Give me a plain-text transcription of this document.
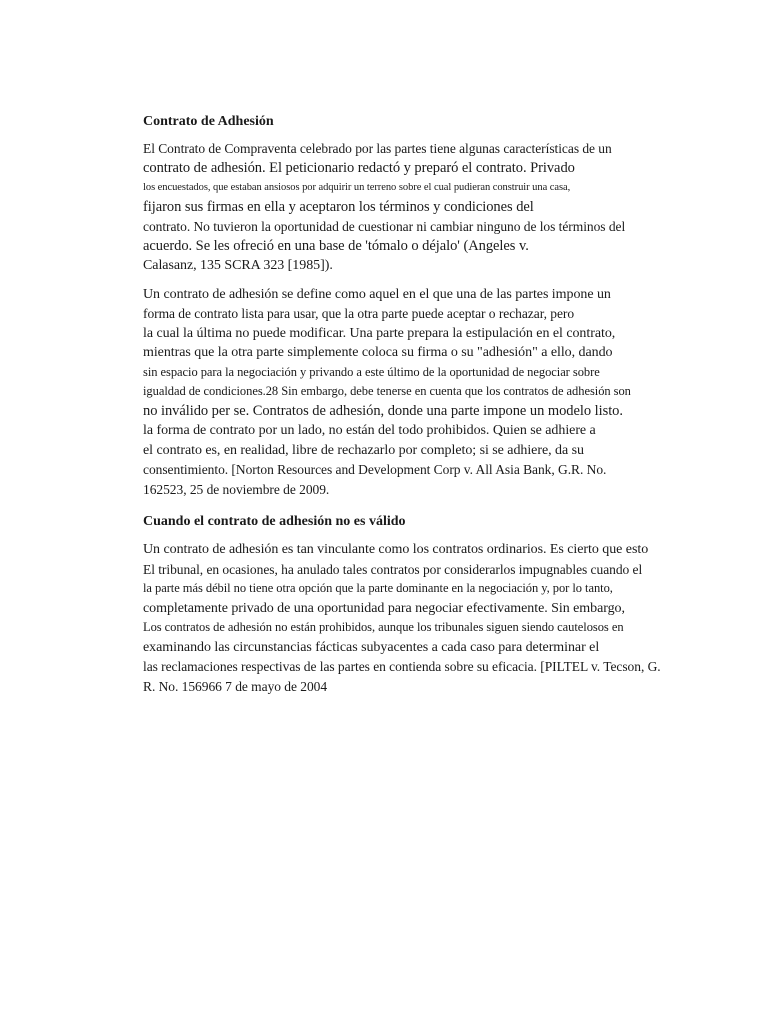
Contrato de Adhesión
El Contrato de Compraventa celebrado por las partes tiene algunas características de un
contrato de adhesión. El peticionario redactó y preparó el contrato. Privado
los encuestados, que estaban ansiosos por adquirir un terreno sobre el cual pudieran construir una casa,
fijaron sus firmas en ella y aceptaron los términos y condiciones del
contrato. No tuvieron la oportunidad de cuestionar ni cambiar ninguno de los términos del
acuerdo. Se les ofreció en una base de 'tómalo o déjalo' (Angeles v.
Calasanz, 135 SCRA 323 [1985]).
Un contrato de adhesión se define como aquel en el que una de las partes impone un
forma de contrato lista para usar, que la otra parte puede aceptar o rechazar, pero
la cual la última no puede modificar. Una parte prepara la estipulación en el contrato,
mientras que la otra parte simplemente coloca su firma o su "adhesión" a ello, dando
sin espacio para la negociación y privando a este último de la oportunidad de negociar sobre
igualdad de condiciones.28 Sin embargo, debe tenerse en cuenta que los contratos de adhesión son
no inválido per se. Contratos de adhesión, donde una parte impone un modelo listo.
la forma de contrato por un lado, no están del todo prohibidos. Quien se adhiere a
el contrato es, en realidad, libre de rechazarlo por completo; si se adhiere, da su
consentimiento. [Norton Resources and Development Corp v. All Asia Bank, G.R. No.
162523, 25 de noviembre de 2009.
Cuando el contrato de adhesión no es válido
Un contrato de adhesión es tan vinculante como los contratos ordinarios. Es cierto que esto
El tribunal, en ocasiones, ha anulado tales contratos por considerarlos impugnables cuando el
la parte más débil no tiene otra opción que la parte dominante en la negociación y, por lo tanto,
completamente privado de una oportunidad para negociar efectivamente. Sin embargo,
Los contratos de adhesión no están prohibidos, aunque los tribunales siguen siendo cautelosos en
examinando las circunstancias fácticas subyacentes a cada caso para determinar el
las reclamaciones respectivas de las partes en contienda sobre su eficacia. [PILTEL v. Tecson, G.
R. No. 156966 7 de mayo de 2004
